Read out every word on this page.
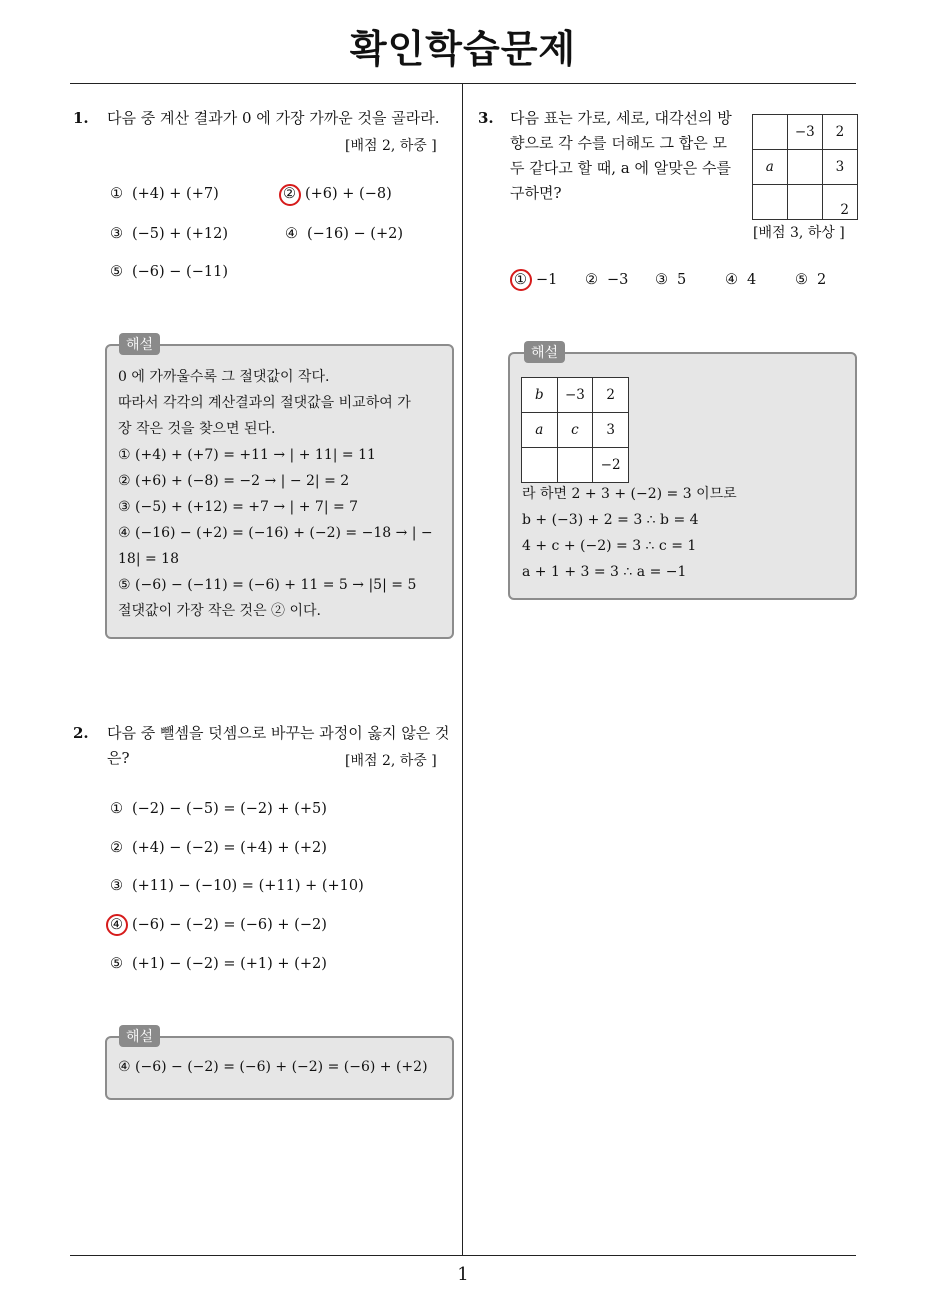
확인학습문제
1
1. 다음 중 계산 결과가 0 에 가장 가까운 것을 골라라.
[배점 2, 하중 ]
① (+4) + (+7)	② (+6) + (−8)
③ (−5) + (+12)	④ (−16) − (+2)
⑤ (−6) − (−11)
해설
0 에 가까울수록 그 절댓값이 작다.
따라서 각각의 계산결과의 절댓값을 비교하여 가
장 작은 것을 찾으면 된다.
① (+4) + (+7) = +11 → | + 11| = 11
② (+6) + (−8) = −2 → | − 2| = 2
③ (−5) + (+12) = +7 → | + 7| = 7
④ (−16) − (+2) = (−16) + (−2) = −18 → | −
18| = 18
⑤ (−6) − (−11) = (−6) + 11 = 5 → |5| = 5
절댓값이 가장 작은 것은 ② 이다.
2. 다음 중 뺄셈을 덧셈으로 바꾸는 과정이 옳지 않은 것
은?	[배점 2, 하중 ]
① (−2) − (−5) = (−2) + (+5)
② (+4) − (−2) = (+4) + (+2)
③ (+11) − (−10) = (+11) + (+10)
④ (−6) − (−2) = (−6) + (−2)
⑤ (+1) − (−2) = (+1) + (+2)
해설
④ (−6) − (−2) = (−6) + (−2) = (−6) + (+2)
3. 다음 표는 가로, 세로, 대각선의 방
향으로 각 수를 더해도 그 합은 모
두 같다고 할 때, a 에 알맞은 수를
구하면?
	−3	2
a		3
		2
[배점 3, 하상 ]
① −1 ② −3 ③ 5	④ 4	⑤ 2
해설
b	−3	2
a	c	3
		−2
라 하면 2 + 3 + (−2) = 3 이므로
b + (−3) + 2 = 3 ∴ b = 4
4 + c + (−2) = 3 ∴ c = 1
a + 1 + 3 = 3 ∴ a = −1
